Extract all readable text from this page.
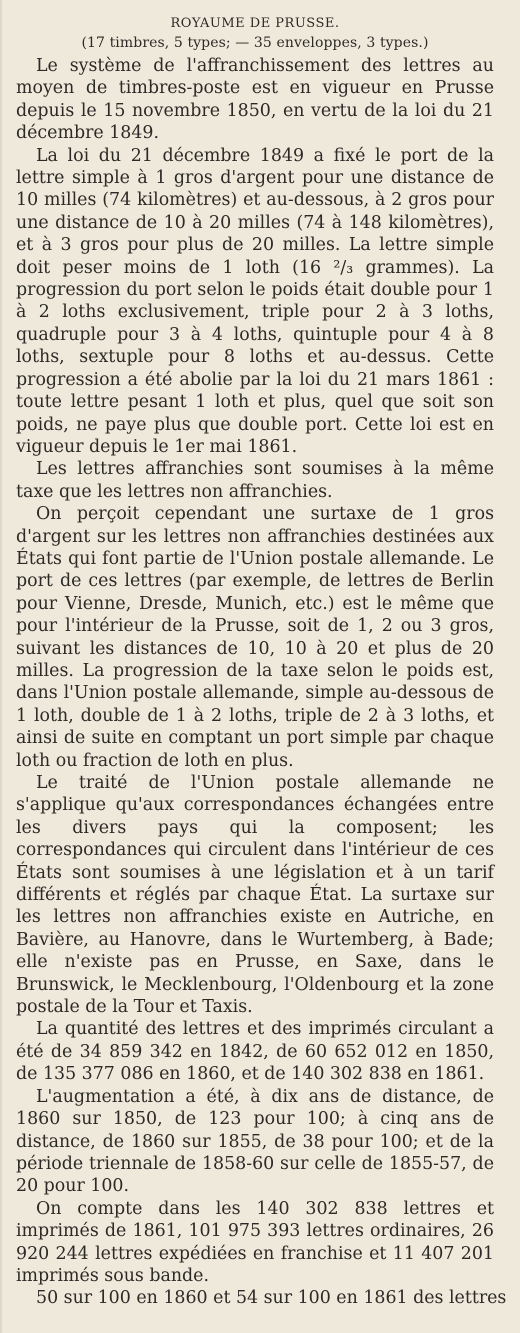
ROYAUME DE PRUSSE.
(17 timbres, 5 types; — 35 enveloppes, 3 types.)

Le système de l'affranchissement des lettres au moyen de timbres-poste est en vigueur en Prusse depuis le 15 novembre 1850, en vertu de la loi du 21 décembre 1849.

La loi du 21 décembre 1849 a fixé le port de la lettre simple à 1 gros d'argent pour une distance de 10 milles (74 kilomètres) et au-dessous, à 2 gros pour une distance de 10 à 20 milles (74 à 148 kilomètres), et à 3 gros pour plus de 20 milles. La lettre simple doit peser moins de 1 loth (16 ²/₃ grammes). La progression du port selon le poids était double pour 1 à 2 loths exclusivement, triple pour 2 à 3 loths, quadruple pour 3 à 4 loths, quintuple pour 4 à 8 loths, sextuple pour 8 loths et au-dessus. Cette progression a été abolie par la loi du 21 mars 1861 : toute lettre pesant 1 loth et plus, quel que soit son poids, ne paye plus que double port. Cette loi est en vigueur depuis le 1er mai 1861.

Les lettres affranchies sont soumises à la même taxe que les lettres non affranchies.

On perçoit cependant une surtaxe de 1 gros d'argent sur les lettres non affranchies destinées aux États qui font partie de l'Union postale allemande. Le port de ces lettres (par exemple, de lettres de Berlin pour Vienne, Dresde, Munich, etc.) est le même que pour l'intérieur de la Prusse, soit de 1, 2 ou 3 gros, suivant les distances de 10, 10 à 20 et plus de 20 milles. La progression de la taxe selon le poids est, dans l'Union postale allemande, simple au-dessous de 1 loth, double de 1 à 2 loths, triple de 2 à 3 loths, et ainsi de suite en comptant un port simple par chaque loth ou fraction de loth en plus.

Le traité de l'Union postale allemande ne s'applique qu'aux correspondances échangées entre les divers pays qui la composent; les correspondances qui circulent dans l'intérieur de ces États sont soumises à une législation et à un tarif différents et réglés par chaque État. La surtaxe sur les lettres non affranchies existe en Autriche, en Bavière, au Hanovre, dans le Wurtemberg, à Bade; elle n'existe pas en Prusse, en Saxe, dans le Brunswick, le Mecklenbourg, l'Oldenbourg et la zone postale de la Tour et Taxis.

La quantité des lettres et des imprimés circulant a été de 34 859 342 en 1842, de 60 652 012 en 1850, de 135 377 086 en 1860, et de 140 302 838 en 1861.

L'augmentation a été, à dix ans de distance, de 1860 sur 1850, de 123 pour 100; à cinq ans de distance, de 1860 sur 1855, de 38 pour 100; et de la période triennale de 1858-60 sur celle de 1855-57, de 20 pour 100.

On compte dans les 140 302 838 lettres et imprimés de 1861, 101 975 393 lettres ordinaires, 26 920 244 lettres expédiées en franchise et 11 407 201 imprimés sous bande.

50 sur 100 en 1860 et 54 sur 100 en 1861 des lettres
